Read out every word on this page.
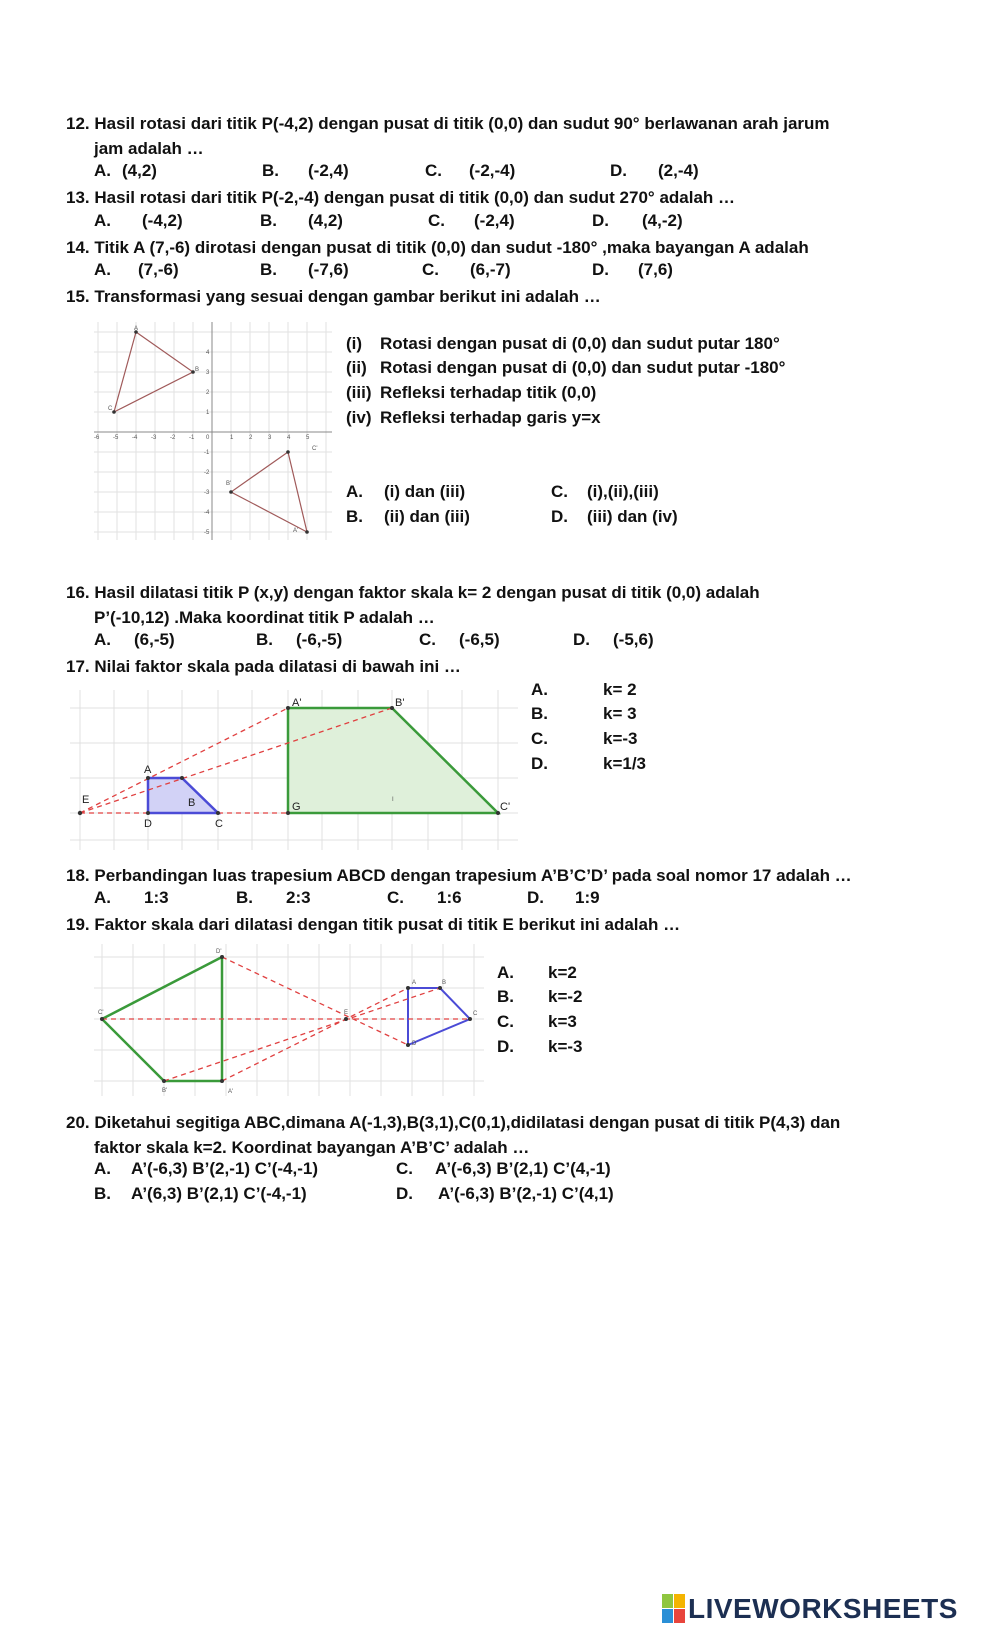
12. Hasil rotasi dari titik P(-4,2) dengan pusat di titik (0,0) dan sudut 90° berlawanan arah jarum
jam adalah …
A. (4,2)	B. (-2,4)	C. (-2,-4)	D. (2,-4)
13. Hasil rotasi dari titik P(-2,-4) dengan pusat di titik (0,0) dan sudut 270° adalah …
A. (-4,2)	B. (4,2)	C. (-2,4)	D. (4,-2)
14. Titik A (7,-6) dirotasi dengan pusat di titik (0,0) dan sudut -180° ,maka bayangan A adalah
A. (7,-6)	B. (-7,6)	C. (6,-7)	D. (7,6)
15. Transformasi yang sesuai dengan gambar berikut ini adalah …
-6 -5 -4 -3 -2 -1 0	1	2	3	4	5
4
3
2
1
-1
-2
-3
-4
-5
A
B
C
C'
B'
A'
(i) Rotasi dengan pusat di (0,0) dan sudut putar 180°
(ii) Rotasi dengan pusat di (0,0) dan sudut putar -180°
(iii) Refleksi terhadap titik (0,0)
(iv) Refleksi terhadap garis y=x
A. (i) dan (iii)
B. (ii) dan (iii)
C. (i),(ii),(iii)
D. (iii) dan (iv)
16. Hasil dilatasi titik P (x,y) dengan faktor skala k= 2 dengan pusat di titik (0,0) adalah
P’(-10,12) .Maka koordinat titik P adalah …
A. (6,-5)	B. (-6,-5)	C. (-6,5)	D. (-5,6)
17. Nilai faktor skala pada dilatasi di bawah ini …
E
A
B
D	C
A'	B'
C'
G
I
A.	k= 2
B.	k= 3
C.	k=-3
D.	k=1/3
18. Perbandingan luas trapesium ABCD dengan trapesium A’B’C’D’ pada soal nomor 17 adalah …
A. 1:3	B. 2:3	C. 1:6	D. 1:9
19. Faktor skala dari dilatasi dengan titik pusat di titik E berikut ini adalah …
D'
C'
B'	A'
E
A	B
C
D
A. k=2
B. k=-2
C. k=3
D. k=-3
20. Diketahui segitiga ABC,dimana A(-1,3),B(3,1),C(0,1),didilatasi dengan pusat di titik P(4,3) dan
faktor skala k=2. Koordinat bayangan A’B’C’ adalah …
A. A’(-6,3) B’(2,-1) C’(-4,-1)
B. A’(6,3) B’(2,1) C’(-4,-1)
C. A’(-6,3) B’(2,1) C’(4,-1)
D. A’(-6,3) B’(2,-1) C’(4,1)
LIVEWORKSHEETS
